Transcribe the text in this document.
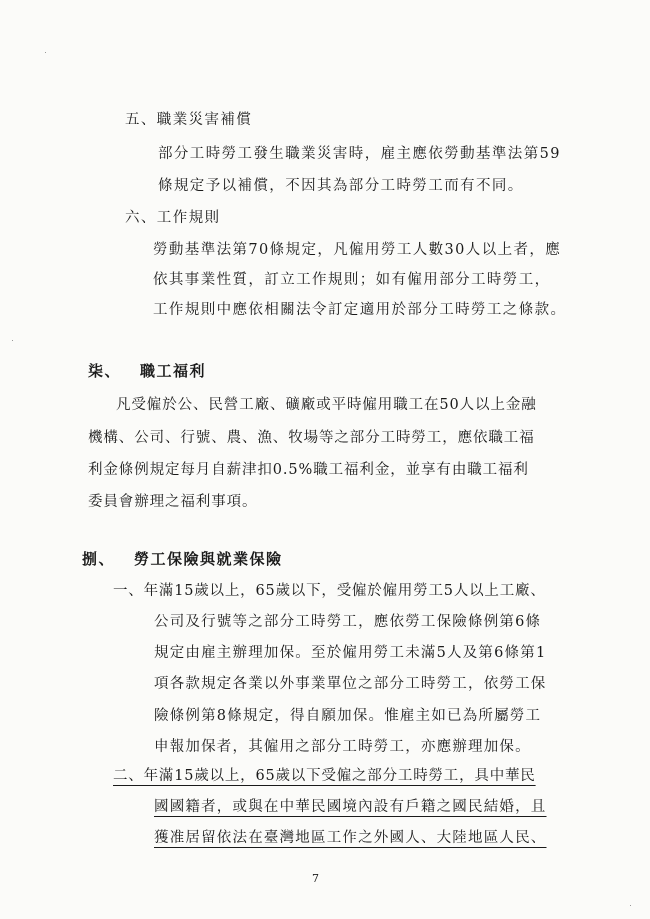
五、職業災害補償
部分工時勞工發生職業災害時，雇主應依勞動基準法第59
條規定予以補償，不因其為部分工時勞工而有不同。
六、工作規則
勞動基準法第70條規定，凡僱用勞工人數30人以上者，應
依其事業性質，訂立工作規則；如有僱用部分工時勞工，
工作規則中應依相關法令訂定適用於部分工時勞工之條款。
柒、 職工福利
凡受僱於公、民營工廠、礦廠或平時僱用職工在50人以上金融
機構、公司、行號、農、漁、牧場等之部分工時勞工，應依職工福
利金條例規定每月自薪津扣0.5%職工福利金，並享有由職工福利
委員會辦理之福利事項。
捌、 勞工保險與就業保險
一、年滿15歲以上，65歲以下，受僱於僱用勞工5人以上工廠、
公司及行號等之部分工時勞工，應依勞工保險條例第6條
規定由雇主辦理加保。至於僱用勞工未滿5人及第6條第1
項各款規定各業以外事業單位之部分工時勞工，依勞工保
險條例第8條規定，得自願加保。惟雇主如已為所屬勞工
申報加保者，其僱用之部分工時勞工，亦應辦理加保。
二、年滿15歲以上，65歲以下受僱之部分工時勞工，具中華民
國國籍者，或與在中華民國境內設有戶籍之國民結婚，且
獲准居留依法在臺灣地區工作之外國人、大陸地區人民、
7
